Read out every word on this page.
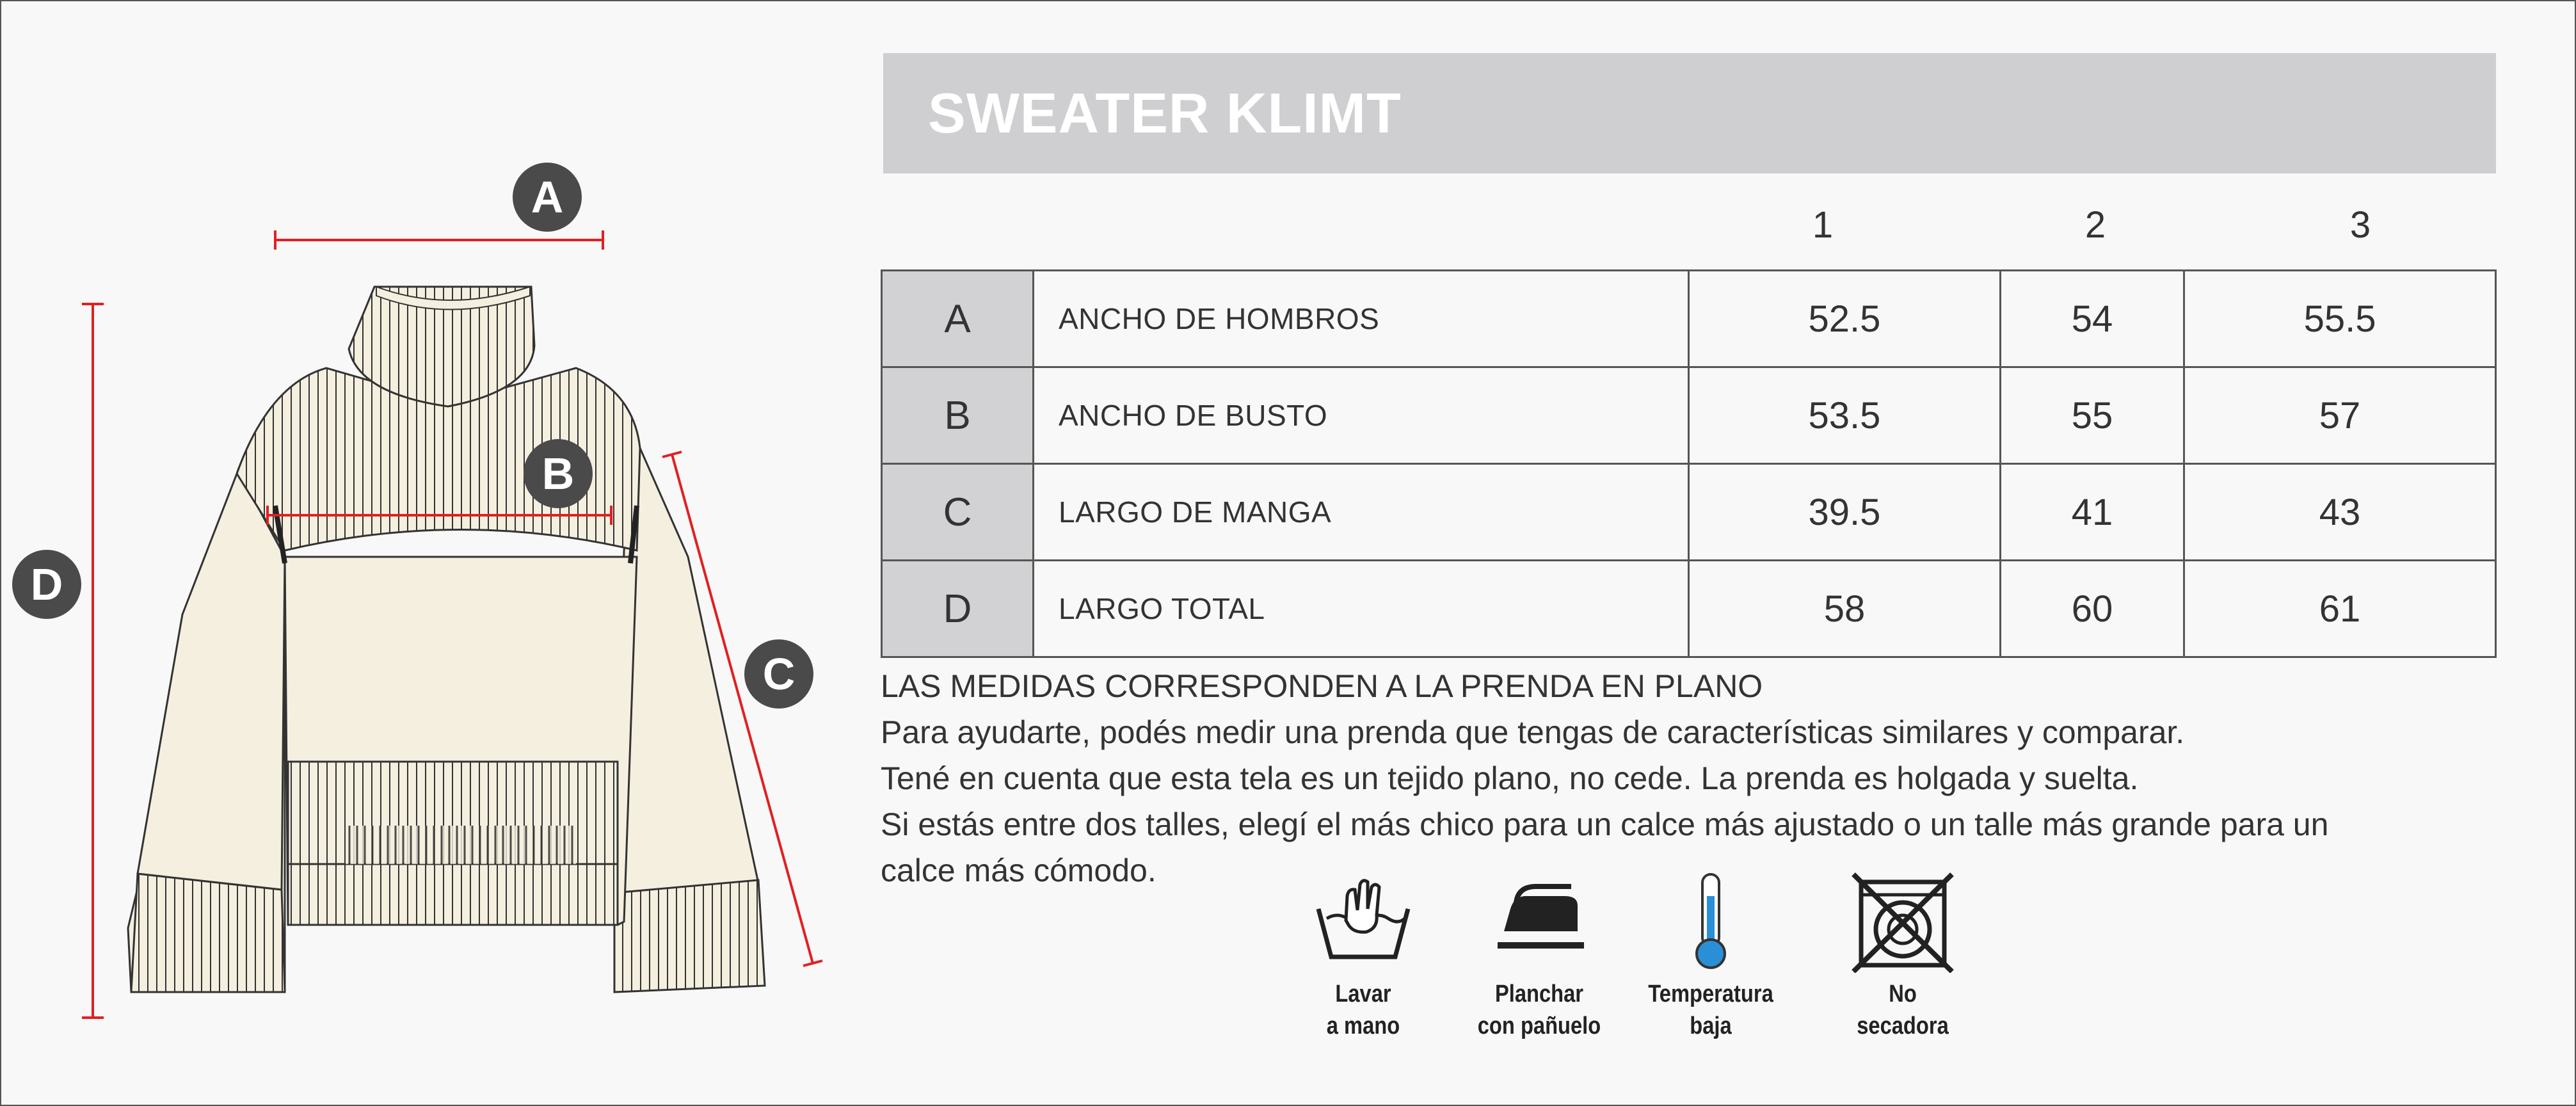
A
B
C
D
SWEATER KLIMT
1	2	3
A	ANCHO DE HOMBROS	52.5	54	55.5
B	ANCHO DE BUSTO	53.5	55	57
C	LARGO DE MANGA	39.5	41	43
D	LARGO TOTAL	58	60	61

LAS MEDIDAS CORRESPONDEN A LA PRENDA EN PLANO

Para ayudarte, podés medir una prenda que tengas de características similares y comparar.

Tené en cuenta que esta tela es un tejido plano, no cede. La prenda es holgada y suelta.

Si estás entre dos talles, elegí el más chico para un calce más ajustado o un talle más grande para un

calce más cómodo.

Lavar
a mano
Planchar
con pañuelo
Temperatura
baja
No
secadora
